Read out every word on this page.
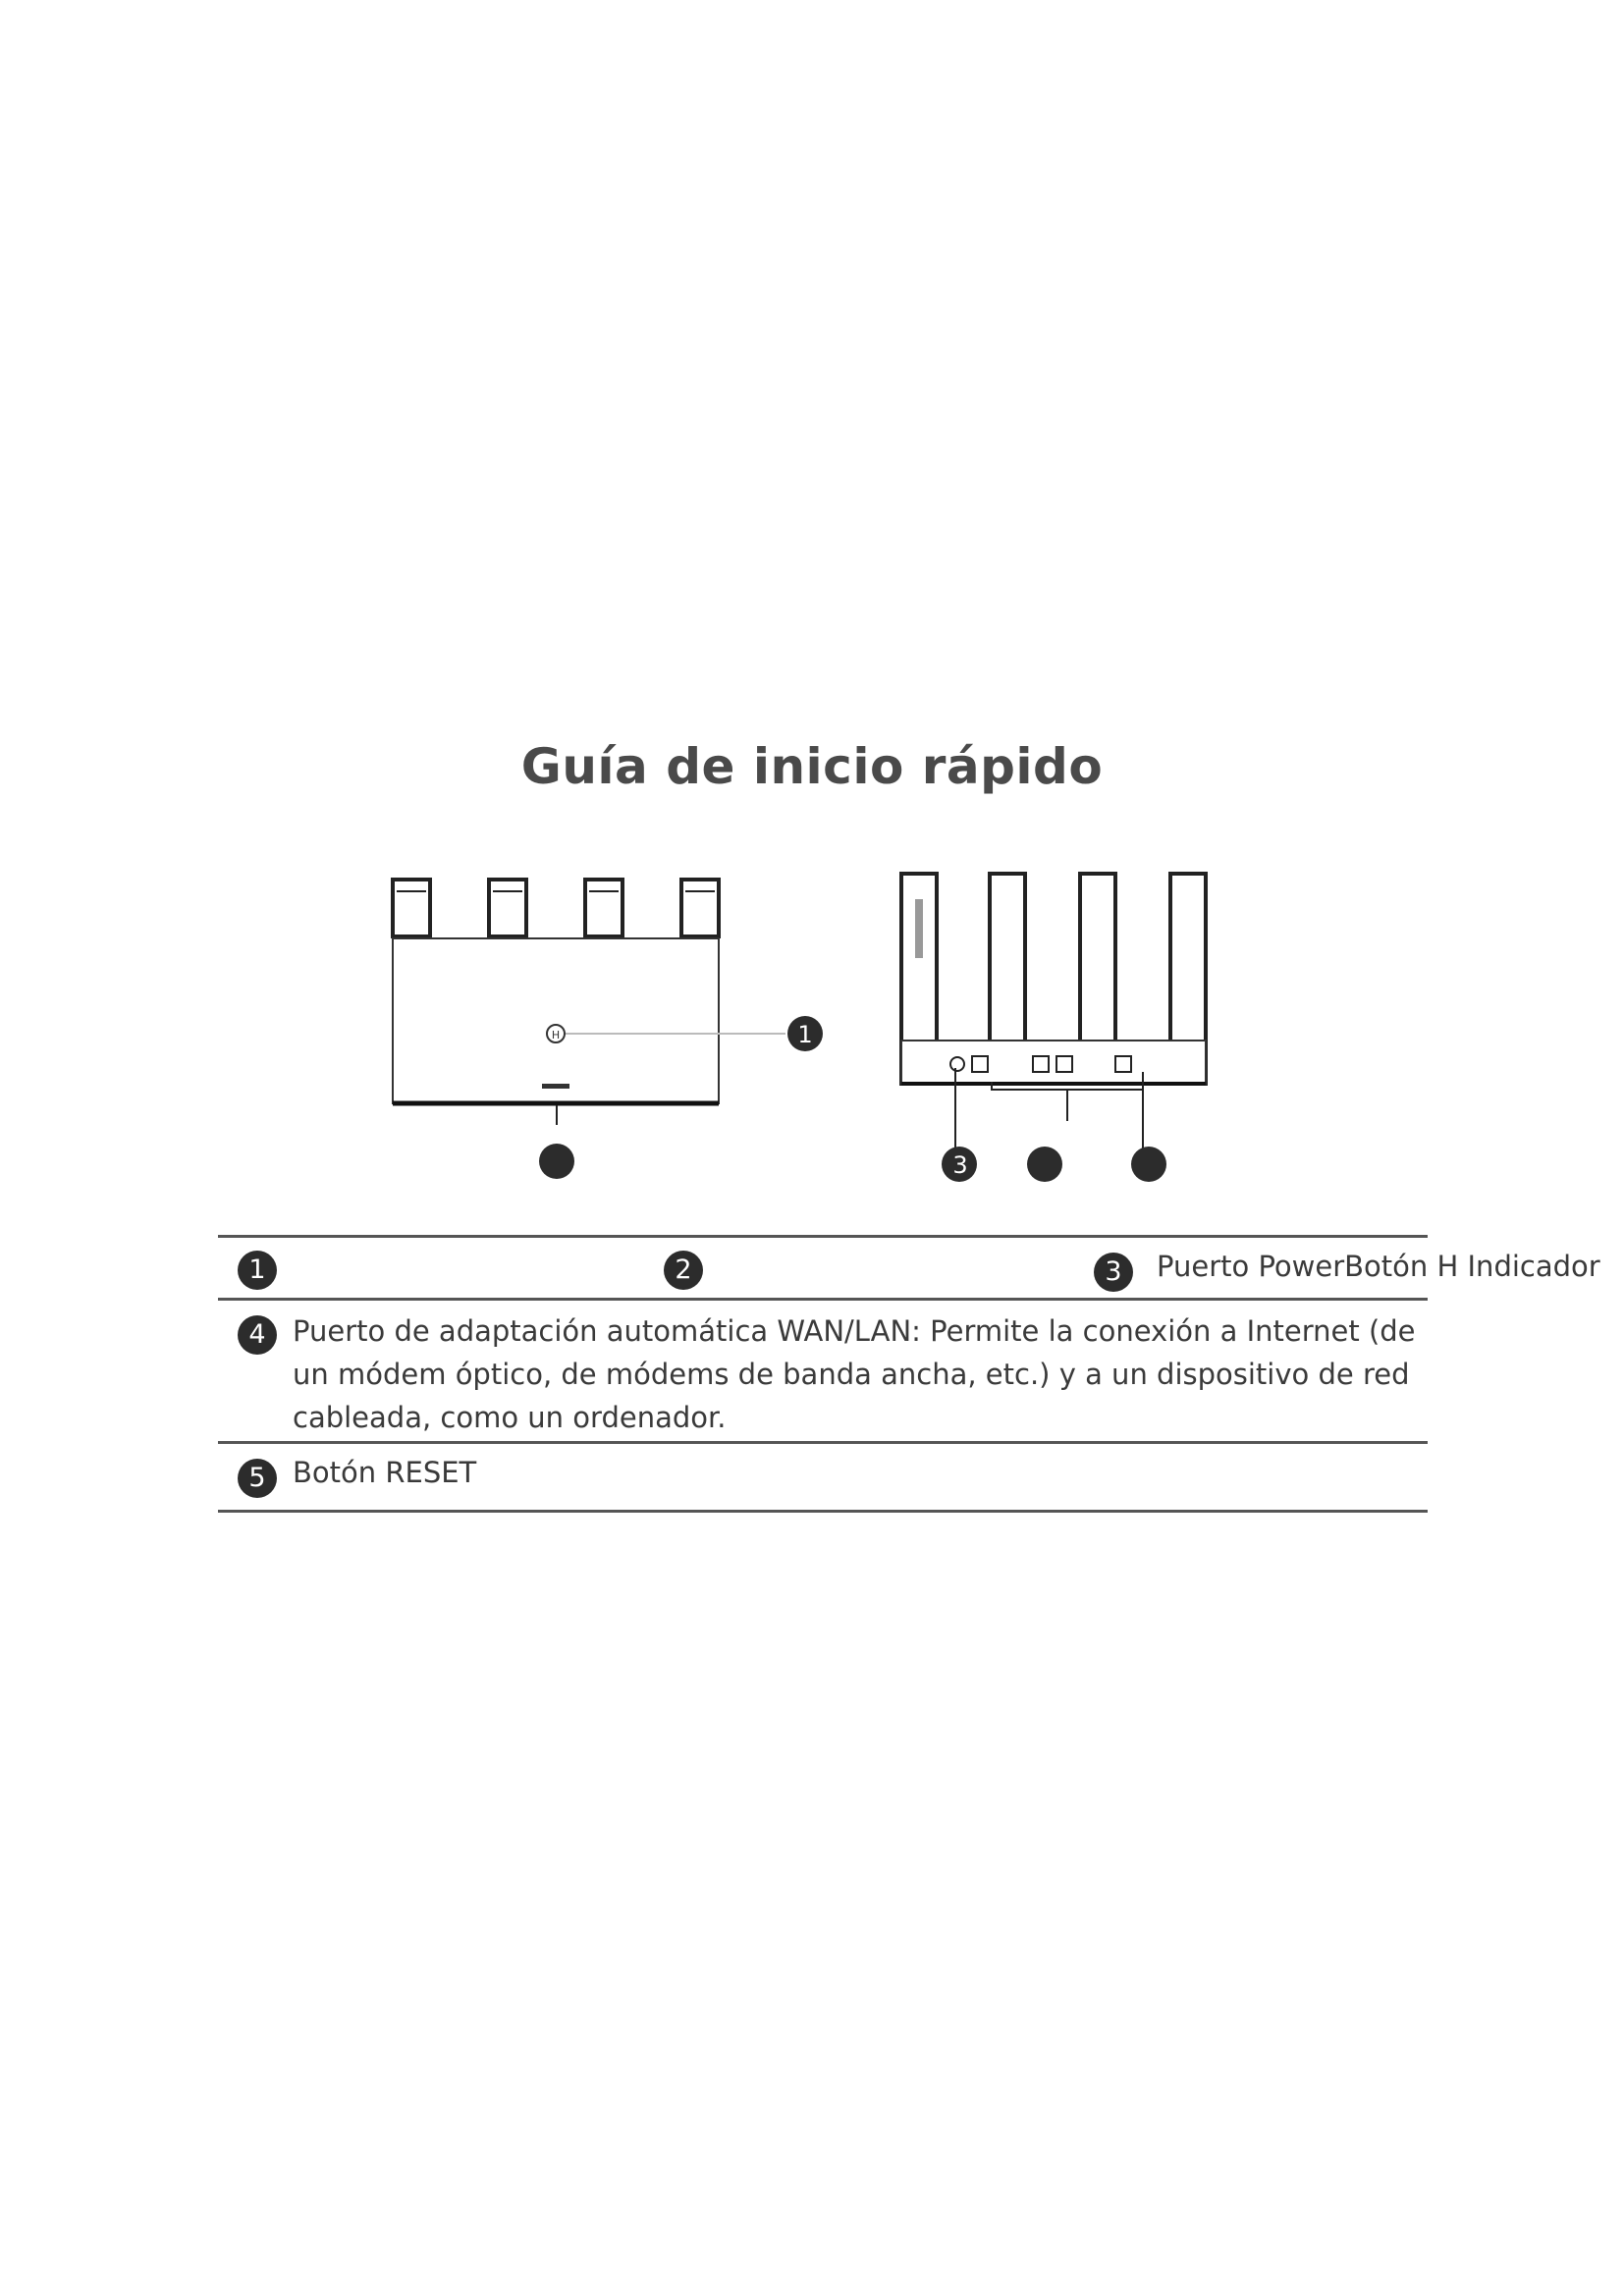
Guía de inicio rápido
H	1
3
1	2	3	Puerto PowerBotón H Indicador
4 Puerto de adaptación automática WAN/LAN: Permite la conexión a Internet (de
un módem óptico, de módems de banda ancha, etc.) y a un dispositivo de red
cableada, como un ordenador.
5 Botón RESET
